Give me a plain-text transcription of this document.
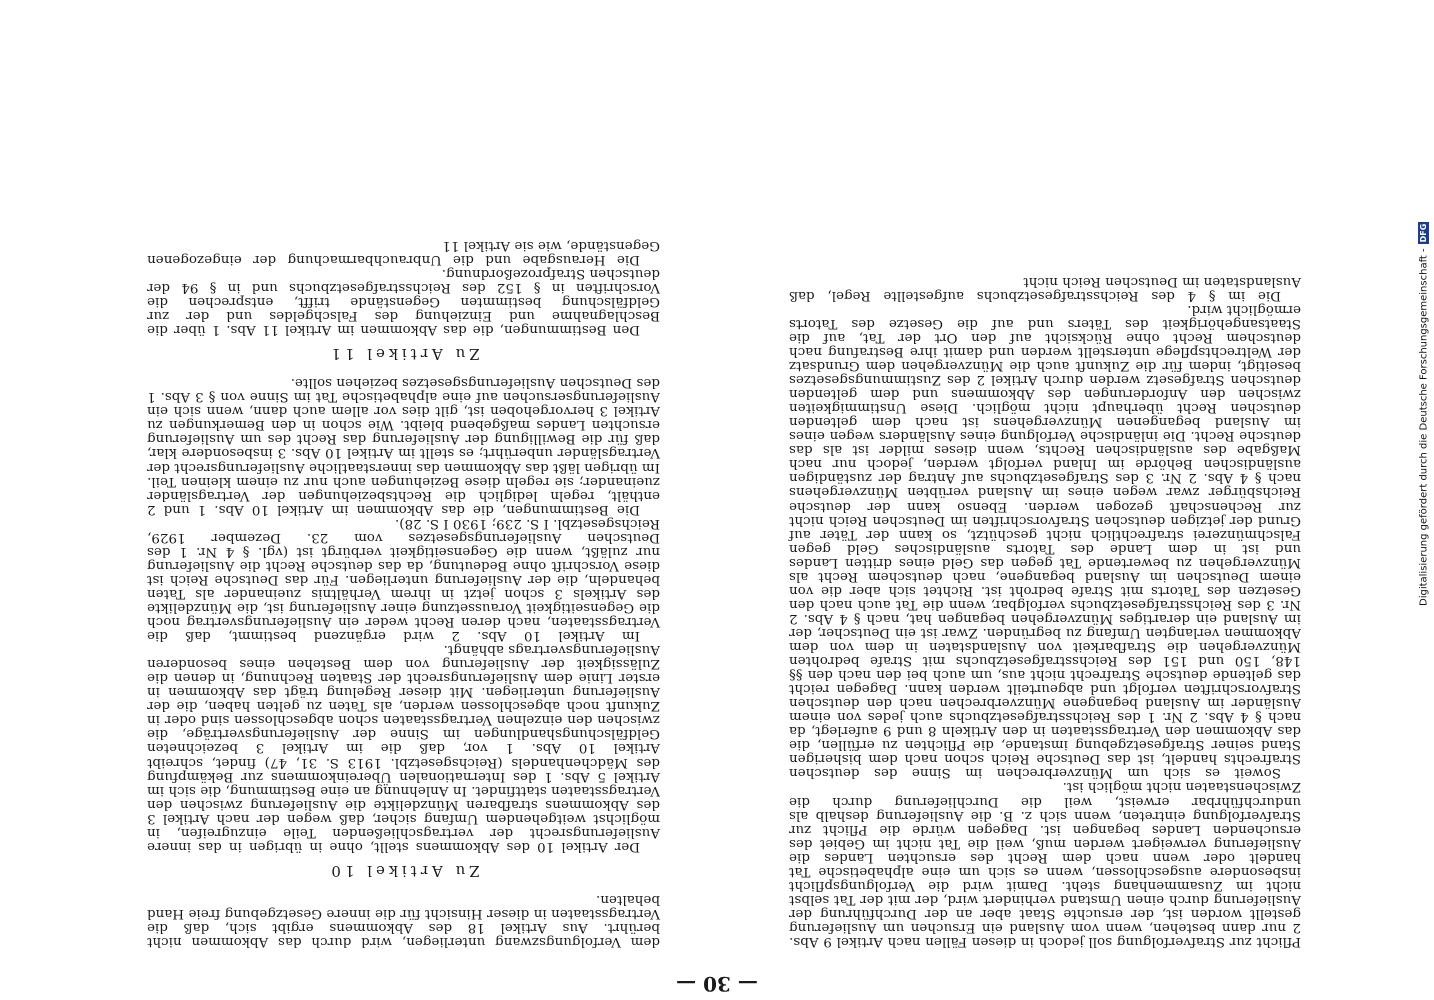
— 30 —

Pflicht zur Strafverfolgung soll jedoch in diesen Fällen nach Artikel 9 Abs. 2 nur dann bestehen, wenn vom Ausland ein Ersuchen um Auslieferung gestellt worden ist, der ersuchte Staat aber an der Durchführung der Auslieferung durch einen Umstand verhindert wird, der mit der Tat selbst nicht im Zusammenhang steht. Damit wird die Verfolgungspflicht insbesondere ausgeschlossen, wenn es sich um eine alphabetische Tat handelt oder wenn nach dem Recht des ersuchten Landes die Auslieferung verweigert werden muß, weil die Tat nicht im Gebiet des ersuchenden Landes begangen ist. Dagegen würde die Pflicht zur Strafverfolgung eintreten, wenn sich z. B. die Auslieferung deshalb als undurchführbar erweist, weil die Durchlieferung durch die Zwischenstaaten nicht möglich ist.

Soweit es sich um Münzverbrechen im Sinne des deutschen Strafrechts handelt, ist das Deutsche Reich schon nach dem bisherigen Stand seiner Strafgesetzgebung imstande, die Pflichten zu erfüllen, die das Abkommen den Vertragsstaaten in den Artikeln 8 und 9 auferlegt, da nach § 4 Abs. 2 Nr. 1 des Reichsstrafgesetzbuchs auch jedes von einem Ausländer im Ausland begangene Münzverbrechen nach den deutschen Strafvorschriften verfolgt und abgeurteilt werden kann. Dagegen reicht das geltende deutsche Strafrecht nicht aus, um auch bei den nach den §§ 148, 150 und 151 des Reichsstrafgesetzbuchs mit Strafe bedrohten Münzvergehen die Strafbarkeit von Auslandstaten in dem von dem Abkommen verlangten Umfang zu begründen. Zwar ist ein Deutscher, der im Ausland ein derartiges Münzvergehen begangen hat, nach § 4 Abs. 2 Nr. 3 des Reichsstrafgesetzbuchs verfolgbar, wenn die Tat auch nach den Gesetzen des Tatorts mit Strafe bedroht ist. Richtet sich aber die von einem Deutschen im Ausland begangene, nach deutschem Recht als Münzvergehen zu bewertende Tat gegen das Geld eines dritten Landes und ist in dem Lande des Tatorts ausländisches Geld gegen Falschmünzerei strafrechtlich nicht geschützt, so kann der Täter auf Grund der jetzigen deutschen Strafvorschriften im Deutschen Reich nicht zur Rechenschaft gezogen werden. Ebenso kann der deutsche Reichsbürger zwar wegen eines im Ausland verübten Münzvergehens nach § 4 Abs. 2 Nr. 3 des Strafgesetzbuchs auf Antrag der zuständigen ausländischen Behörde im Inland verfolgt werden, jedoch nur nach Maßgabe des ausländischen Rechts, wenn dieses milder ist als das deutsche Recht. Die inländische Verfolgung eines Ausländers wegen eines im Ausland begangenen Münzvergehens ist nach dem geltenden deutschen Recht überhaupt nicht möglich. Diese Unstimmigkeiten zwischen den Anforderungen des Abkommens und dem geltenden deutschen Strafgesetz werden durch Artikel 2 des Zustimmungsgesetzes beseitigt, indem für die Zukunft auch die Münzvergehen dem Grundsatz der Weltrechtspflege unterstellt werden und damit ihre Bestrafung nach deutschem Recht ohne Rücksicht auf den Ort der Tat, auf die Staatsangehörigkeit des Täters und auf die Gesetze des Tatorts ermöglicht wird.

Die im § 4 des Reichsstrafgesetzbuchs aufgestellte Regel, daß Auslandstaten im Deutschen Reich nicht

dem Verfolgungszwang unterliegen, wird durch das Abkommen nicht berührt. Aus Artikel 18 des Abkommens ergibt sich, daß die Vertragsstaaten in dieser Hinsicht für die innere Gesetzgebung freie Hand behalten.

Zu Artikel 10

Der Artikel 10 des Abkommens stellt, ohne in übrigen in das innere Auslieferungsrecht der vertragschließenden Teile einzugreifen, in möglichst weitgehendem Umfang sicher, daß wegen der nach Artikel 3 des Abkommens strafbaren Münzdelikte die Auslieferung zwischen den Vertragsstaaten stattfindet. In Anlehnung an eine Bestimmung, die sich im Artikel 5 Abs. 1 des Internationalen Übereinkommens zur Bekämpfung des Mädchenhandels (Reichsgesetzbl. 1913 S. 31, 47) findet, schreibt Artikel 10 Abs. 1 vor, daß die im Artikel 3 bezeichneten Geldfälschungshandlungen im Sinne der Auslieferungsverträge, die zwischen den einzelnen Vertragsstaaten schon abgeschlossen sind oder in Zukunft noch abgeschlossen werden, als Taten zu gelten haben, die der Auslieferung unterliegen. Mit dieser Regelung trägt das Abkommen in erster Linie dem Auslieferungsrecht der Staaten Rechnung, in denen die Zulässigkeit der Auslieferung von dem Bestehen eines besonderen Auslieferungsvertrags abhängt.

Im Artikel 10 Abs. 2 wird ergänzend bestimmt, daß die Vertragsstaaten, nach deren Recht weder ein Auslieferungsvertrag noch die Gegenseitigkeit Voraussetzung einer Auslieferung ist, die Münzdelikte des Artikels 3 schon jetzt in ihrem Verhältnis zueinander als Taten behandeln, die der Auslieferung unterliegen. Für das Deutsche Reich ist diese Vorschrift ohne Bedeutung, da das deutsche Recht die Auslieferung nur zuläßt, wenn die Gegenseitigkeit verbürgt ist (vgl. § 4 Nr. 1 des Deutschen Auslieferungsgesetzes vom 23. Dezember 1929, Reichsgesetzbl. I S. 239; 1930 I S. 28).

Die Bestimmungen, die das Abkommen im Artikel 10 Abs. 1 und 2 enthält, regeln lediglich die Rechtsbeziehungen der Vertragsländer zueinander; sie regeln diese Beziehungen auch nur zu einem kleinen Teil. Im übrigen läßt das Abkommen das innerstaatliche Auslieferungsrecht der Vertragsländer unberührt; es stellt im Artikel 10 Abs. 3 insbesondere klar, daß für die Bewilligung der Auslieferung das Recht des um Auslieferung ersuchten Landes maßgebend bleibt. Wie schon in den Bemerkungen zu Artikel 3 hervorgehoben ist, gilt dies vor allem auch dann, wenn sich ein Auslieferungsersuchen auf eine alphabetische Tat im Sinne von § 3 Abs. 1 des Deutschen Auslieferungsgesetzes beziehen sollte.

Zu Artikel 11

Den Bestimmungen, die das Abkommen im Artikel 11 Abs. 1 über die Beschlagnahme und Einziehung des Falschgeldes und der zur Geldfälschung bestimmten Gegenstände trifft, entsprechen die Vorschriften in § 152 des Reichsstrafgesetzbuchs und in § 94 der deutschen Strafprozeßordnung.

Die Herausgabe und die Unbrauchbarmachung der eingezogenen Gegenstände, wie sie Artikel 11

Digitalisierung gefördert durch die Deutsche Forschungsgemeinschaft -DFG
